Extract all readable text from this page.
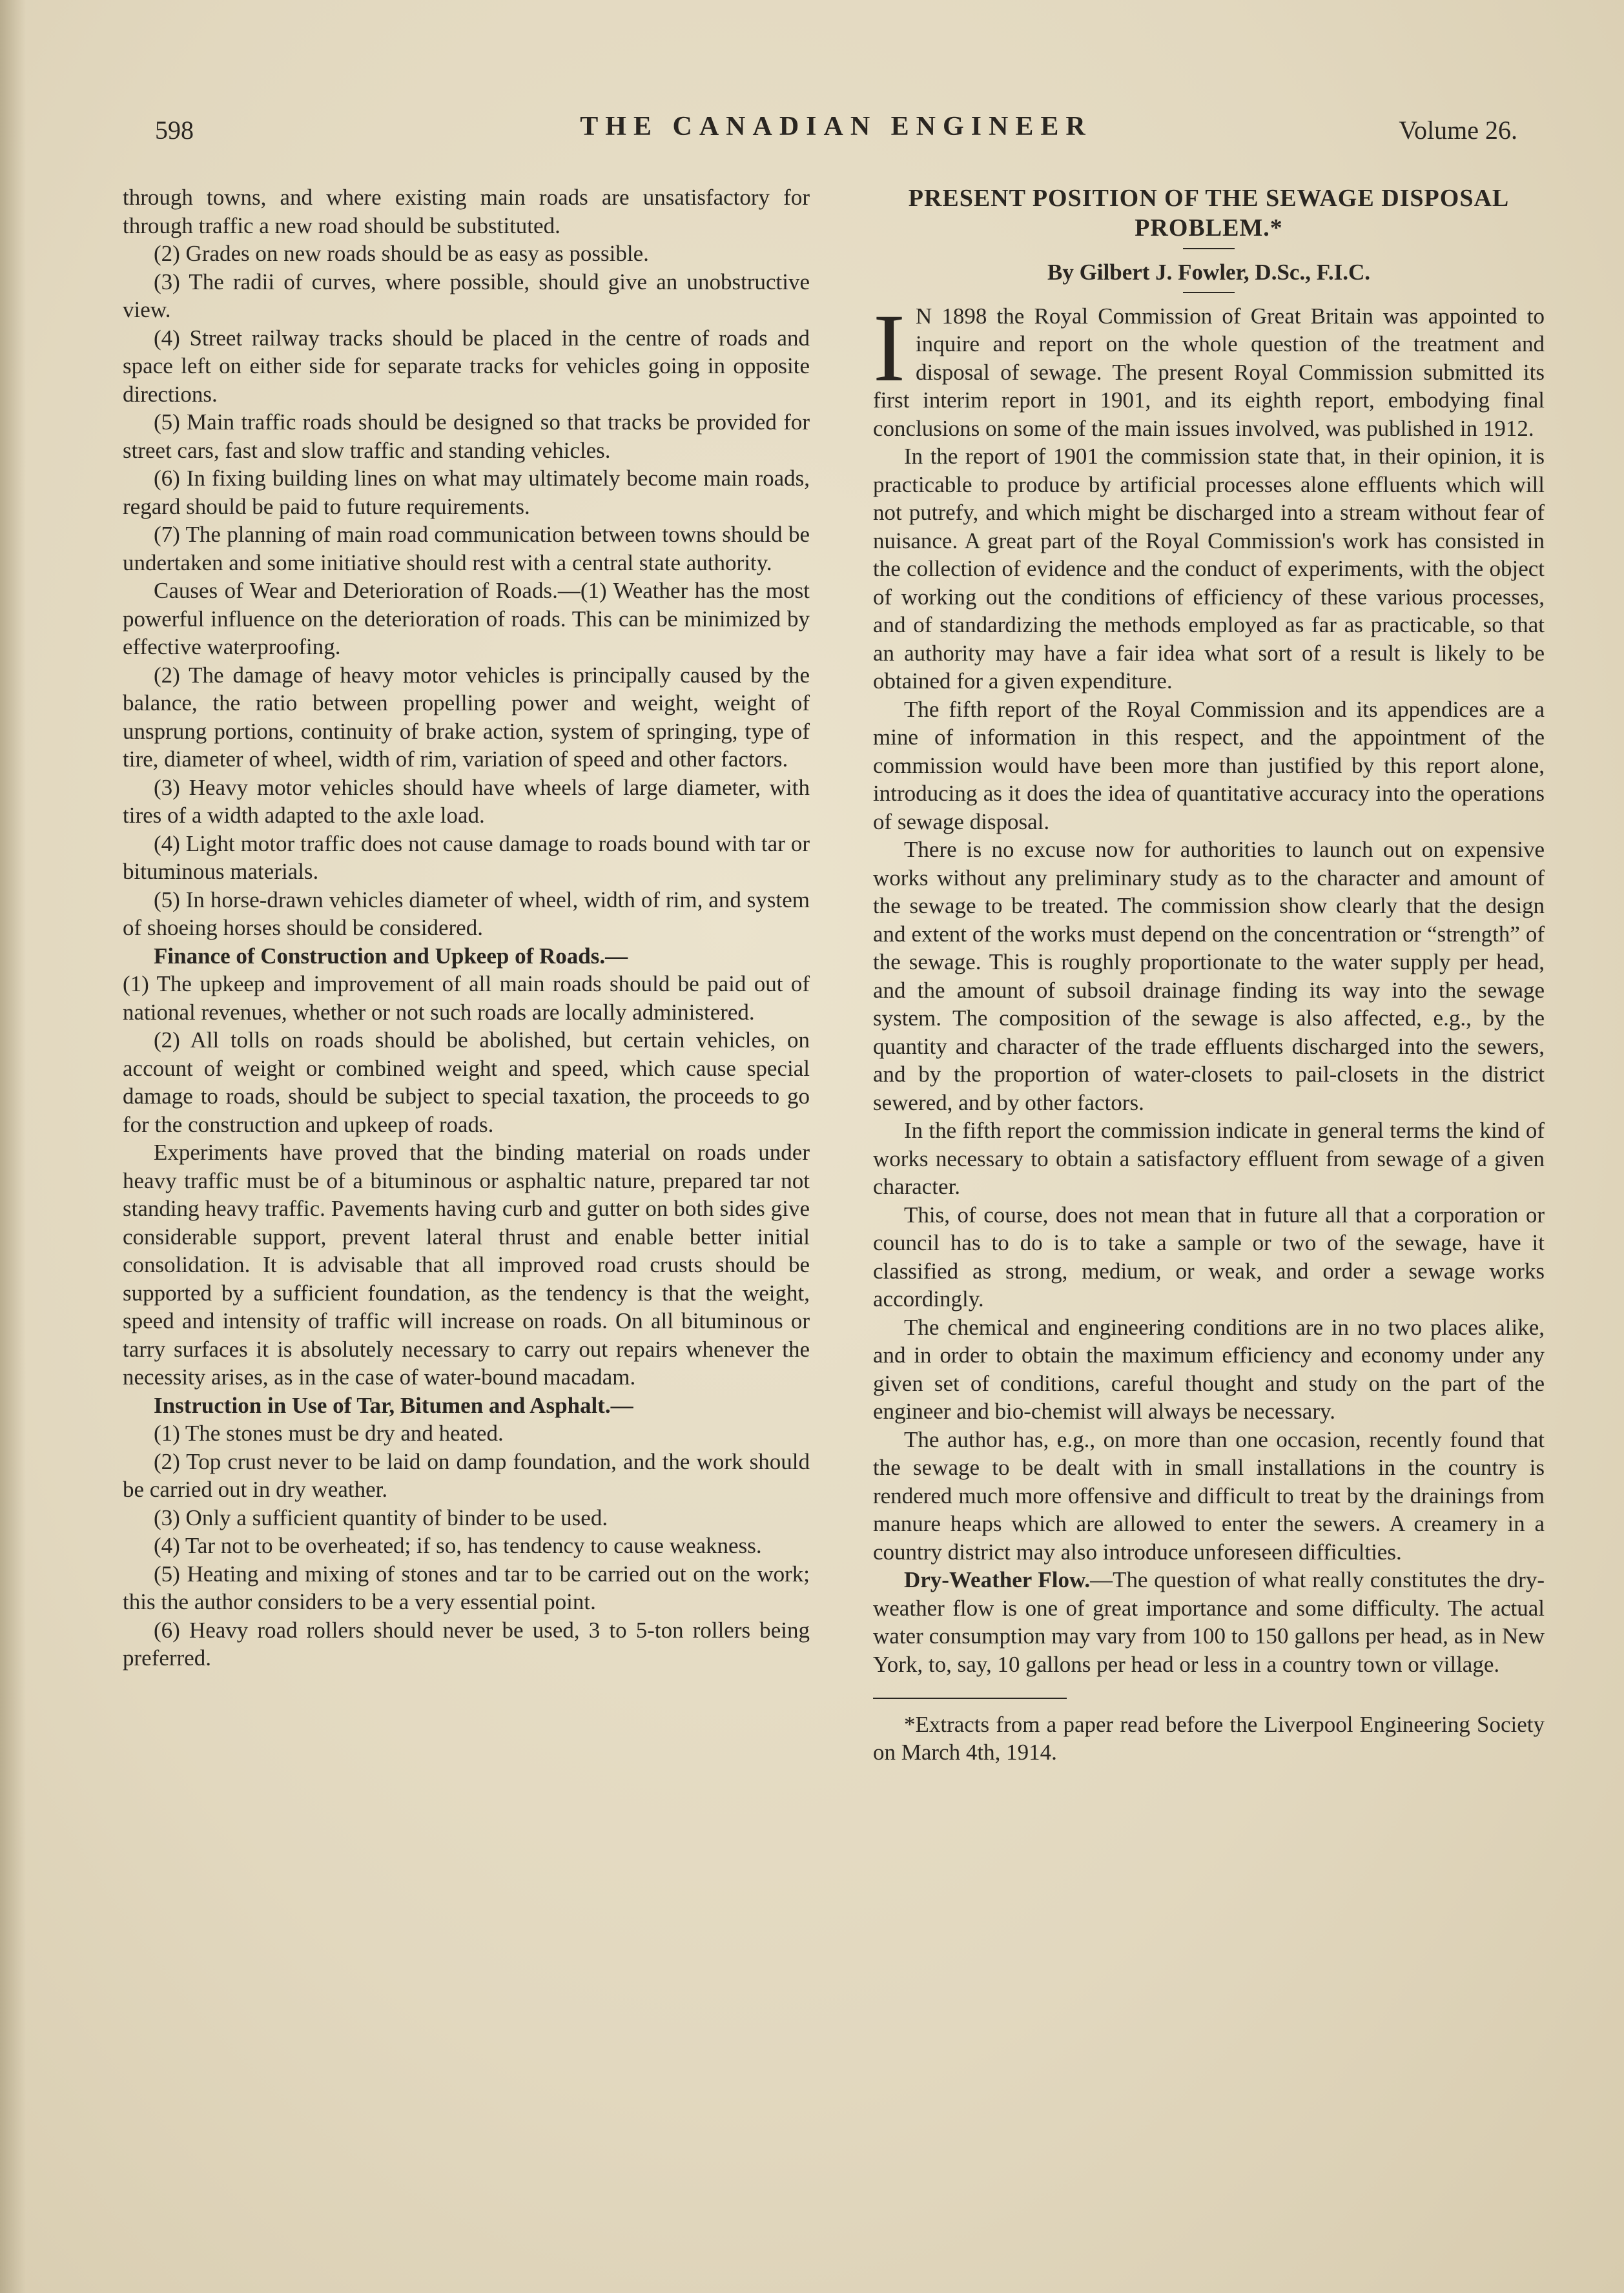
598	THE CANADIAN ENGINEER	Volume 26.

through towns, and where existing main roads are unsatisfactory for through traffic a new road should be substituted.

(2) Grades on new roads should be as easy as possible.

(3) The radii of curves, where possible, should give an unobstructive view.

(4) Street railway tracks should be placed in the centre of roads and space left on either side for separate tracks for vehicles going in opposite directions.

(5) Main traffic roads should be designed so that tracks be provided for street cars, fast and slow traffic and standing vehicles.

(6) In fixing building lines on what may ultimately become main roads, regard should be paid to future requirements.

(7) The planning of main road communication between towns should be undertaken and some initiative should rest with a central state authority.

Causes of Wear and Deterioration of Roads.—(1) Weather has the most powerful influence on the deterioration of roads. This can be minimized by effective waterproofing.

(2) The damage of heavy motor vehicles is principally caused by the balance, the ratio between propelling power and weight, weight of unsprung portions, continuity of brake action, system of springing, type of tire, diameter of wheel, width of rim, variation of speed and other factors.

(3) Heavy motor vehicles should have wheels of large diameter, with tires of a width adapted to the axle load.

(4) Light motor traffic does not cause damage to roads bound with tar or bituminous materials.

(5) In horse-drawn vehicles diameter of wheel, width of rim, and system of shoeing horses should be considered.

Finance of Construction and Upkeep of Roads.—

(1) The upkeep and improvement of all main roads should be paid out of national revenues, whether or not such roads are locally administered.

(2) All tolls on roads should be abolished, but certain vehicles, on account of weight or combined weight and speed, which cause special damage to roads, should be subject to special taxation, the proceeds to go for the construction and upkeep of roads.

Experiments have proved that the binding material on roads under heavy traffic must be of a bituminous or asphaltic nature, prepared tar not standing heavy traffic. Pavements having curb and gutter on both sides give considerable support, prevent lateral thrust and enable better initial consolidation. It is advisable that all improved road crusts should be supported by a sufficient foundation, as the tendency is that the weight, speed and intensity of traffic will increase on roads. On all bituminous or tarry surfaces it is absolutely necessary to carry out repairs whenever the necessity arises, as in the case of water-bound macadam.

Instruction in Use of Tar, Bitumen and Asphalt.—

(1) The stones must be dry and heated.

(2) Top crust never to be laid on damp foundation, and the work should be carried out in dry weather.

(3) Only a sufficient quantity of binder to be used.

(4) Tar not to be overheated; if so, has tendency to cause weakness.

(5) Heating and mixing of stones and tar to be carried out on the work; this the author considers to be a very essential point.

(6) Heavy road rollers should never be used, 3 to 5-ton rollers being preferred.

PRESENT POSITION OF THE SEWAGE DISPOSAL PROBLEM.*

By Gilbert J. Fowler, D.Sc., F.I.C.

I N 1898 the Royal Commission of Great Britain was appointed to inquire and report on the whole question of the treatment and disposal of sewage. The present Royal Commission submitted its first interim report in 1901, and its eighth report, embodying final conclusions on some of the main issues involved, was published in 1912.

In the report of 1901 the commission state that, in their opinion, it is practicable to produce by artificial processes alone effluents which will not putrefy, and which might be discharged into a stream without fear of nuisance. A great part of the Royal Commission's work has consisted in the collection of evidence and the conduct of experiments, with the object of working out the conditions of efficiency of these various processes, and of standardizing the methods employed as far as practicable, so that an authority may have a fair idea what sort of a result is likely to be obtained for a given expenditure.

The fifth report of the Royal Commission and its appendices are a mine of information in this respect, and the appointment of the commission would have been more than justified by this report alone, introducing as it does the idea of quantitative accuracy into the operations of sewage disposal.

There is no excuse now for authorities to launch out on expensive works without any preliminary study as to the character and amount of the sewage to be treated. The commission show clearly that the design and extent of the works must depend on the concentration or “strength” of the sewage. This is roughly proportionate to the water supply per head, and the amount of subsoil drainage finding its way into the sewage system. The composition of the sewage is also affected, e.g., by the quantity and character of the trade effluents discharged into the sewers, and by the proportion of water-closets to pail-closets in the district sewered, and by other factors.

In the fifth report the commission indicate in general terms the kind of works necessary to obtain a satisfactory effluent from sewage of a given character.

This, of course, does not mean that in future all that a corporation or council has to do is to take a sample or two of the sewage, have it classified as strong, medium, or weak, and order a sewage works accordingly.

The chemical and engineering conditions are in no two places alike, and in order to obtain the maximum efficiency and economy under any given set of conditions, careful thought and study on the part of the engineer and bio-chemist will always be necessary.

The author has, e.g., on more than one occasion, recently found that the sewage to be dealt with in small installations in the country is rendered much more offensive and difficult to treat by the drainings from manure heaps which are allowed to enter the sewers. A creamery in a country district may also introduce unforeseen difficulties.

Dry-Weather Flow.—The question of what really constitutes the dry-weather flow is one of great importance and some difficulty. The actual water consumption may vary from 100 to 150 gallons per head, as in New York, to, say, 10 gallons per head or less in a country town or village.

*Extracts from a paper read before the Liverpool Engineering Society on March 4th, 1914.
